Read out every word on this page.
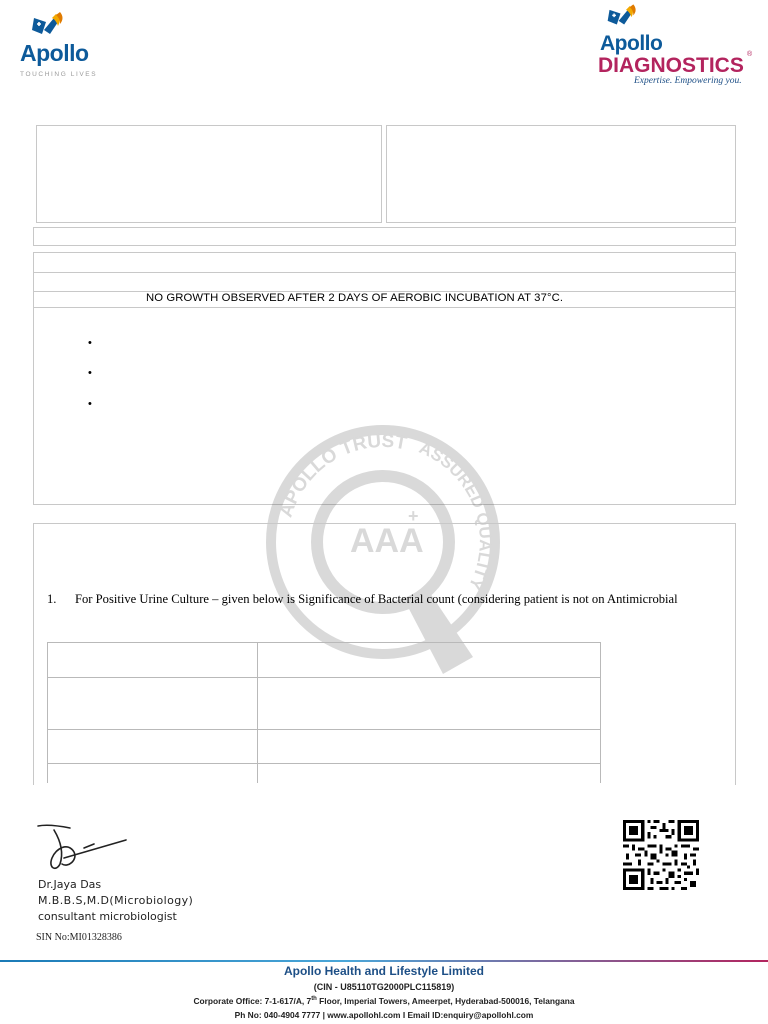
Apollo
TOUCHING LIVES
Apollo
DIAGNOSTICS ®
Expertise. Empowering you.
NO GROWTH OBSERVED AFTER 2 DAYS OF AEROBIC INCUBATION AT 37°C.
•
•
•
APOLLO TRUST
AAA
+
ASSURED QUALITY
1. For Positive Urine Culture – given below is Significance of Bacterial count (considering patient is not on Antimicrobial
Dr.Jaya Das
M.B.B.S,M.D(Microbiology)
consultant microbiologist
SIN No:MI01328386
Apollo Health and Lifestyle Limited
(CIN - U85110TG2000PLC115819)
Corporate Office: 7-1-617/A, 7th Floor, Imperial Towers, Ameerpet, Hyderabad-500016, Telangana
Ph No: 040-4904 7777 | www.apollohl.com I Email ID:enquiry@apollohl.com
